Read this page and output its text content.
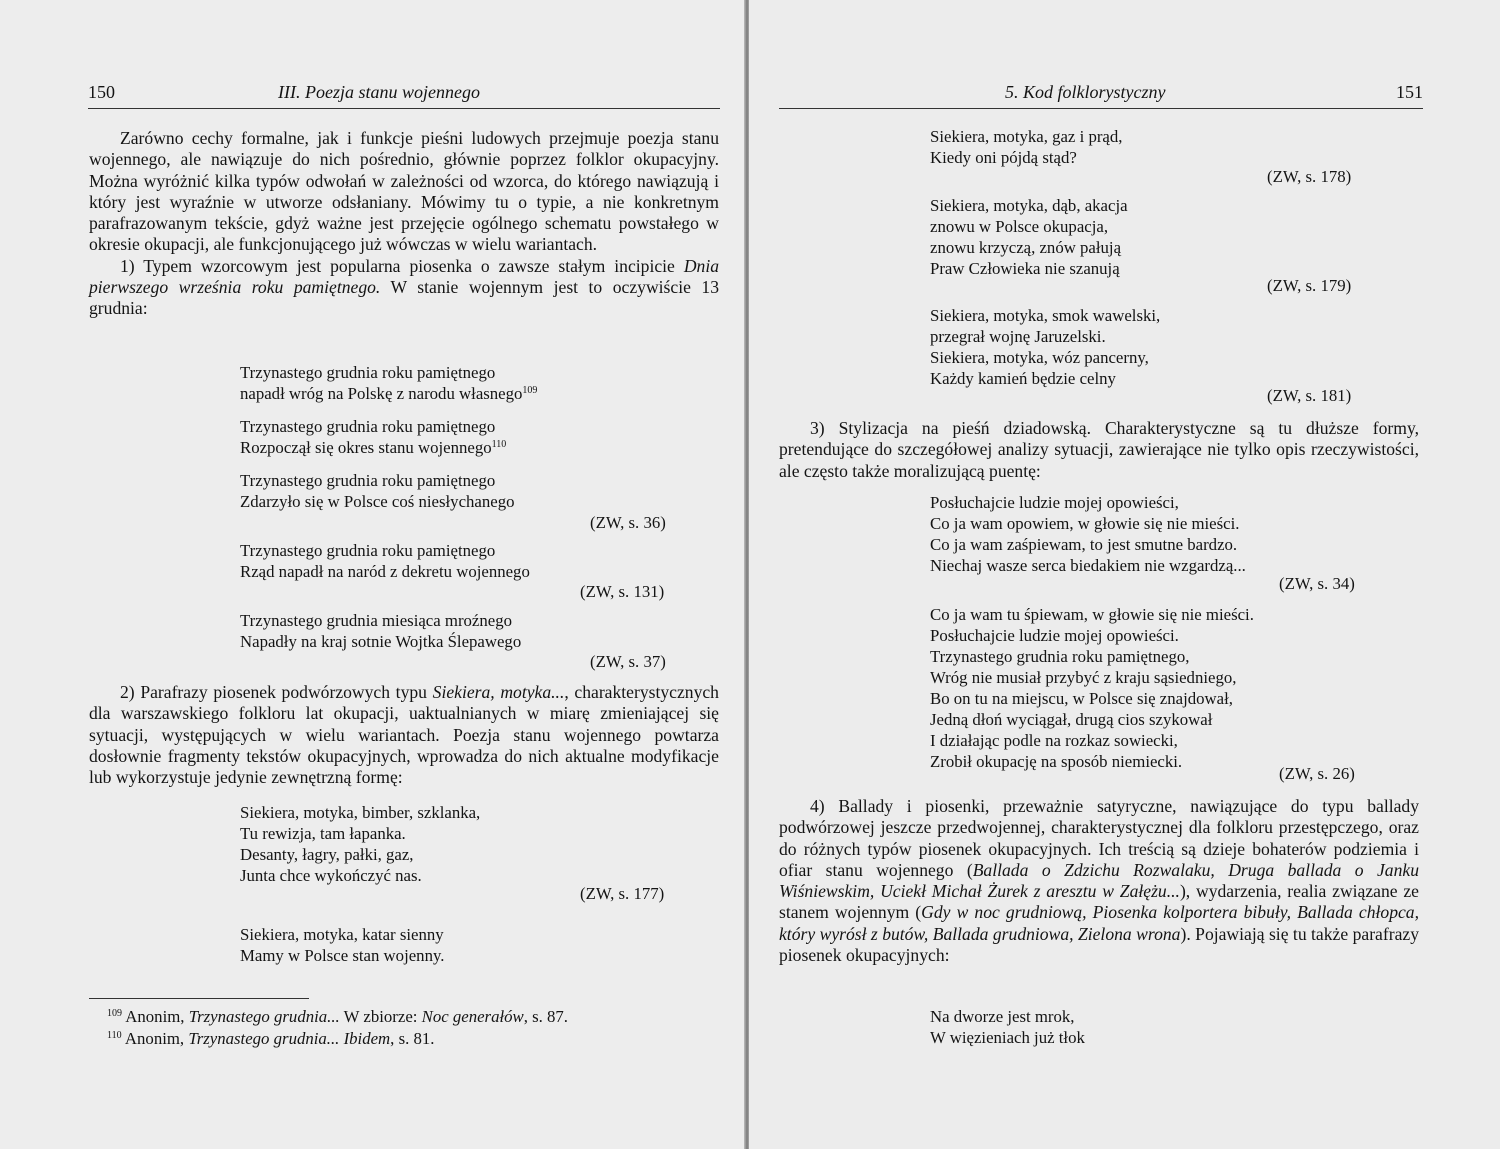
150	III. Poezja stanu wojennego

Zarówno cechy formalne, jak i funkcje pieśni ludowych przejmuje poezja stanu wojennego, ale nawiązuje do nich pośrednio, głównie poprzez folklor okupacyjny. Można wyróżnić kilka typów odwołań w zależności od wzorca, do którego nawiązują i który jest wyraźnie w utworze odsłaniany. Mówimy tu o typie, a nie konkretnym parafrazowanym tekście, gdyż ważne jest przejęcie ogólnego schematu powstałego w okresie okupacji, ale funkcjonującego już wówczas w wielu wariantach.

1) Typem wzorcowym jest popularna piosenka o zawsze stałym incipicie Dnia pierwszego września roku pamiętnego. W stanie wojennym jest to oczywiście 13 grudnia:

Trzynastego grudnia roku pamiętnego
napadł wróg na Polskę z narodu własnego$^{109}$
Trzynastego grudnia roku pamiętnego
Rozpoczął się okres stanu wojennego$^{110}$
Trzynastego grudnia roku pamiętnego
Zdarzyło się w Polsce coś niesłychanego
(ZW, s. 36)
Trzynastego grudnia roku pamiętnego
Rząd napadł na naród z dekretu wojennego
(ZW, s. 131)
Trzynastego grudnia miesiąca mroźnego
Napadły na kraj sotnie Wojtka Ślepawego
(ZW, s. 37)

2) Parafrazy piosenek podwórzowych typu Siekiera, motyka..., charakterystycznych dla warszawskiego folkloru lat okupacji, uaktualnianych w miarę zmieniającej się sytuacji, występujących w wielu wariantach. Poezja stanu wojennego powtarza dosłownie fragmenty tekstów okupacyjnych, wprowadza do nich aktualne modyfikacje lub wykorzystuje jedynie zewnętrzną formę:

Siekiera, motyka, bimber, szklanka,
Tu rewizja, tam łapanka.
Desanty, łagry, pałki, gaz,
Junta chce wykończyć nas.
(ZW, s. 177)
Siekiera, motyka, katar sienny
Mamy w Polsce stan wojenny.
$^{109}$ Anonim, Trzynastego grudnia... W zbiorze: Noc generałów, s. 87.
$^{110}$ Anonim, Trzynastego grudnia... Ibidem, s. 81.
5. Kod folklorystyczny	151
Siekiera, motyka, gaz i prąd,
Kiedy oni pójdą stąd?
(ZW, s. 178)
Siekiera, motyka, dąb, akacja
znowu w Polsce okupacja,
znowu krzyczą, znów pałują
Praw Człowieka nie szanują
(ZW, s. 179)
Siekiera, motyka, smok wawelski,
przegrał wojnę Jaruzelski.
Siekiera, motyka, wóz pancerny,
Każdy kamień będzie celny
(ZW, s. 181)

3) Stylizacja na pieśń dziadowską. Charakterystyczne są tu dłuższe formy, pretendujące do szczegółowej analizy sytuacji, zawierające nie tylko opis rzeczywistości, ale często także moralizującą puentę:

Posłuchajcie ludzie mojej opowieści,
Co ja wam opowiem, w głowie się nie mieści.
Co ja wam zaśpiewam, to jest smutne bardzo.
Niechaj wasze serca biedakiem nie wzgardzą...
(ZW, s. 34)
Co ja wam tu śpiewam, w głowie się nie mieści.
Posłuchajcie ludzie mojej opowieści.
Trzynastego grudnia roku pamiętnego,
Wróg nie musiał przybyć z kraju sąsiedniego,
Bo on tu na miejscu, w Polsce się znajdował,
Jedną dłoń wyciągał, drugą cios szykował
I działając podle na rozkaz sowiecki,
Zrobił okupację na sposób niemiecki.
(ZW, s. 26)

4) Ballady i piosenki, przeważnie satyryczne, nawiązujące do typu ballady podwórzowej jeszcze przedwojennej, charakterystycznej dla folkloru przestępczego, oraz do różnych typów piosenek okupacyjnych. Ich treścią są dzieje bohaterów podziemia i ofiar stanu wojennego (Ballada o Zdzichu Rozwalaku, Druga ballada o Janku Wiśniewskim, Uciekł Michał Żurek z aresztu w Załężu...), wydarzenia, realia związane ze stanem wojennym (Gdy w noc grudniową, Piosenka kolportera bibuły, Ballada chłopca, który wyrósł z butów, Ballada grudniowa, Zielona wrona). Pojawiają się tu także parafrazy piosenek okupacyjnych:

Na dworze jest mrok,
W więzieniach już tłok
